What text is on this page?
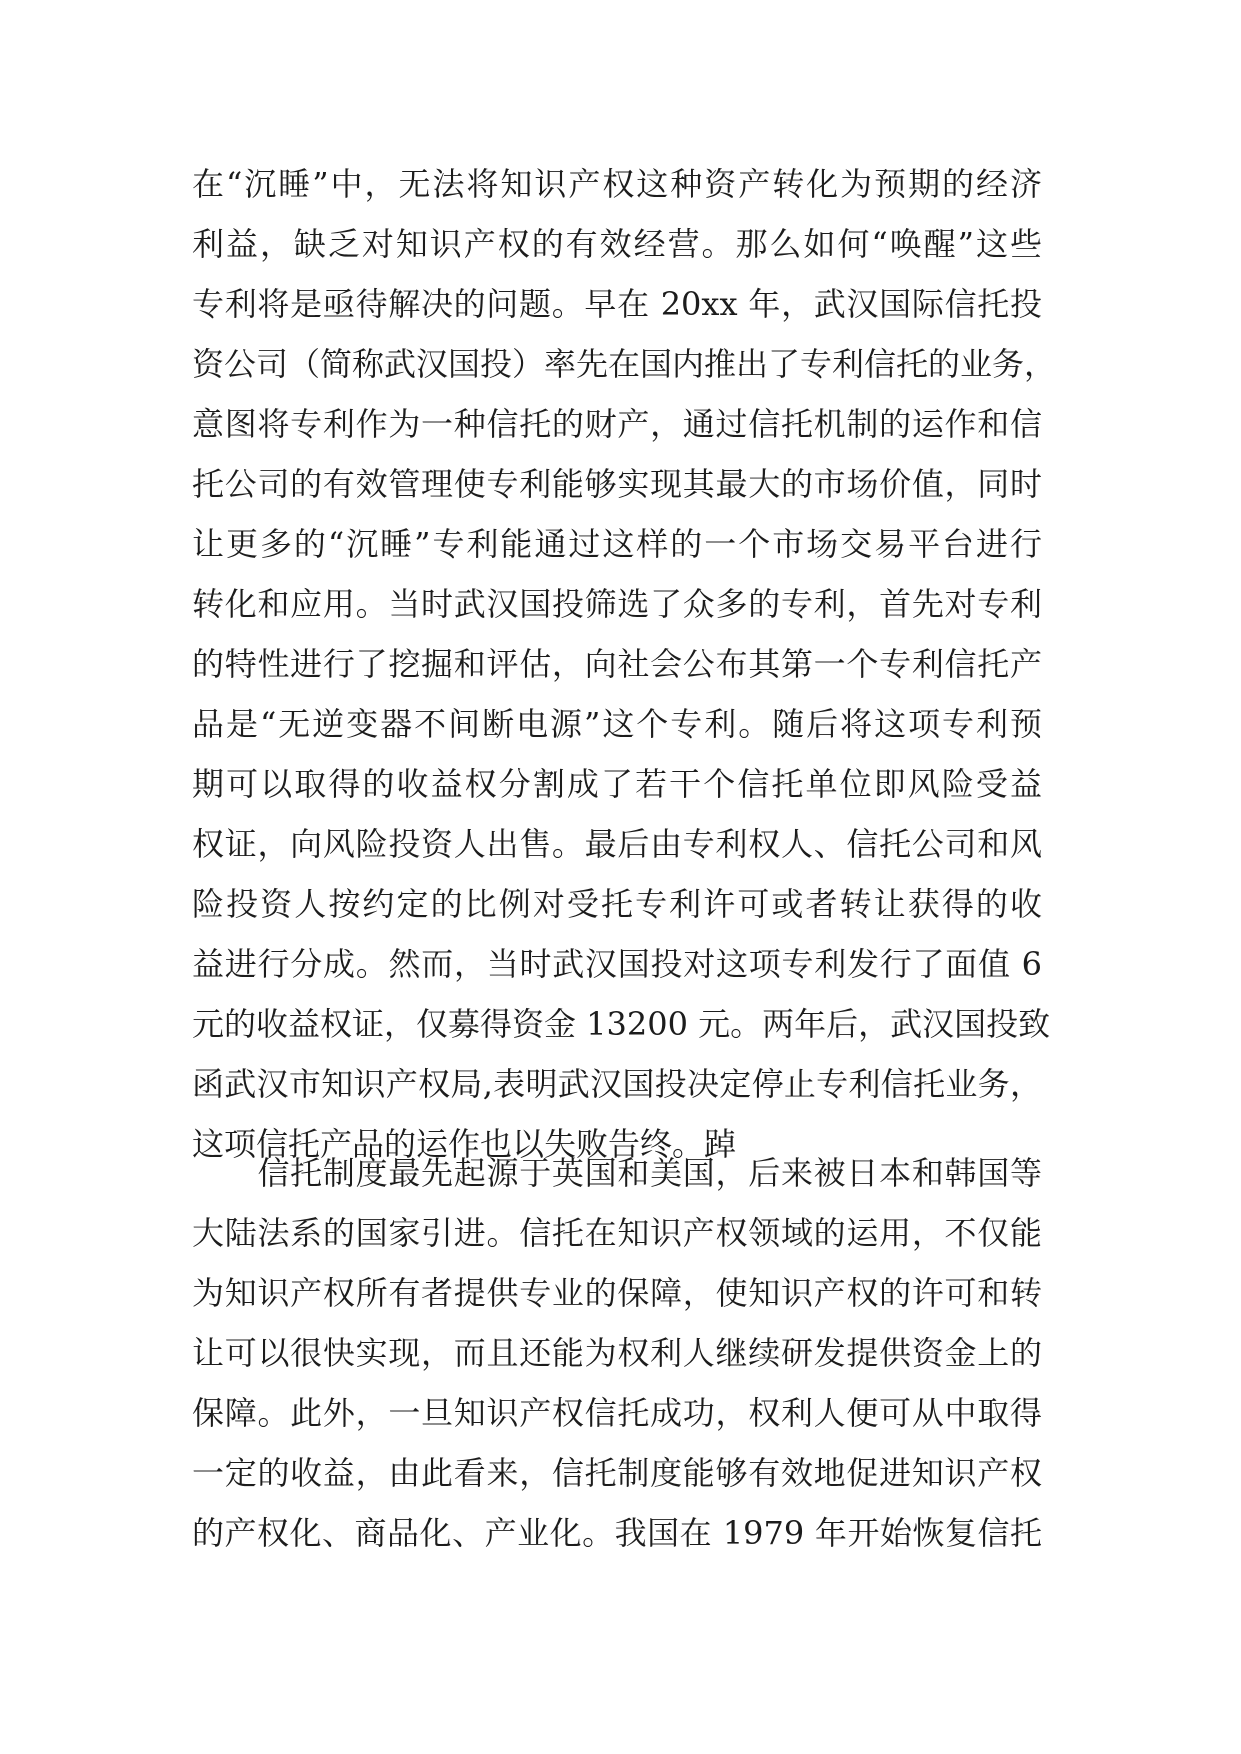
在“沉睡”中，无法将知识产权这种资产转化为预期的经济
利益，缺乏对知识产权的有效经营。那么如何“唤醒”这些
专利将是亟待解决的问题。早在 20xx 年，武汉国际信托投
资公司（简称武汉国投）率先在国内推出了专利信托的业务，
意图将专利作为一种信托的财产，通过信托机制的运作和信
托公司的有效管理使专利能够实现其最大的市场价值，同时
让更多的“沉睡”专利能通过这样的一个市场交易平台进行
转化和应用。当时武汉国投筛选了众多的专利，首先对专利
的特性进行了挖掘和评估，向社会公布其第一个专利信托产
品是“无逆变器不间断电源”这个专利。随后将这项专利预
期可以取得的收益权分割成了若干个信托单位即风险受益
权证，向风险投资人出售。最后由专利权人、信托公司和风
险投资人按约定的比例对受托专利许可或者转让获得的收
益进行分成。然而，当时武汉国投对这项专利发行了面值 6
元的收益权证，仅募得资金 13200 元。两年后，武汉国投致
函武汉市知识产权局,表明武汉国投决定停止专利信托业务，
这项信托产品的运作也以失败告终。踔
　　信托制度最先起源于英国和美国，后来被日本和韩国等
大陆法系的国家引进。信托在知识产权领域的运用，不仅能
为知识产权所有者提供专业的保障，使知识产权的许可和转
让可以很快实现，而且还能为权利人继续研发提供资金上的
保障。此外，一旦知识产权信托成功，权利人便可从中取得
一定的收益，由此看来，信托制度能够有效地促进知识产权
的产权化、商品化、产业化。我国在 1979 年开始恢复信托
